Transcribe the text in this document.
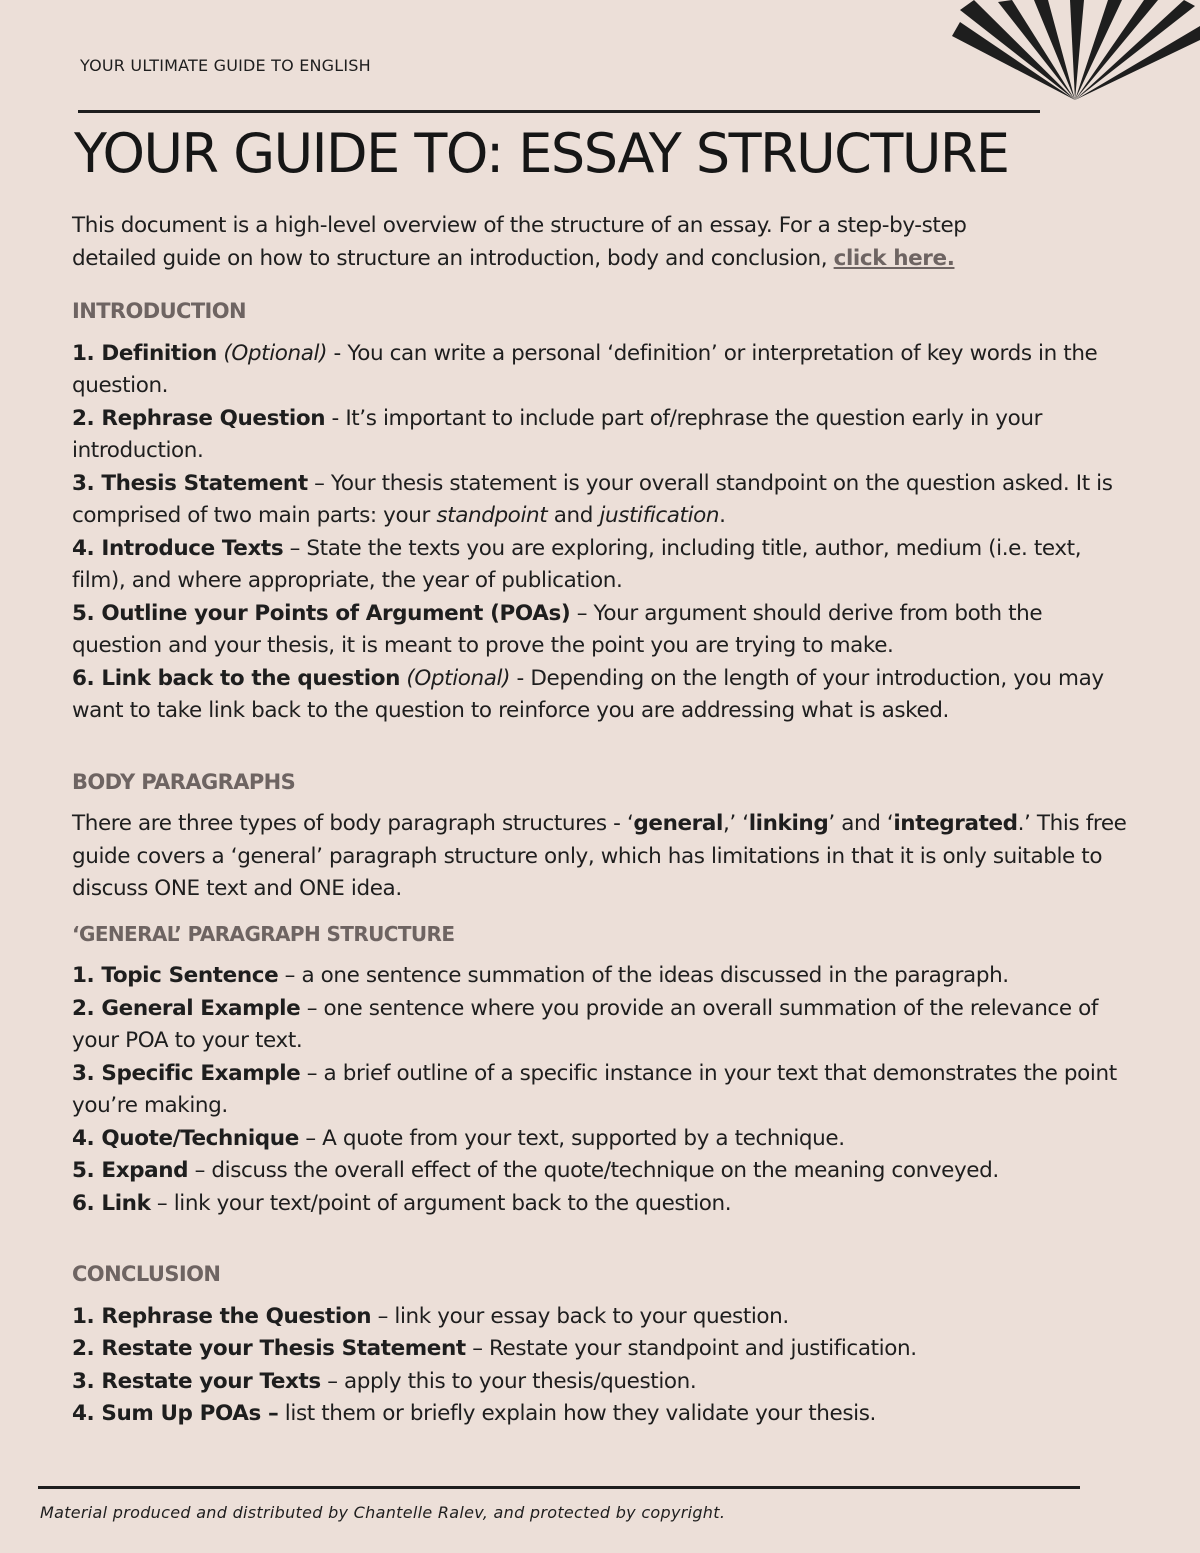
YOUR ULTIMATE GUIDE TO ENGLISH
YOUR GUIDE TO: ESSAY STRUCTURE

This document is a high-level overview of the structure of an essay. For a step-by-step
detailed guide on how to structure an introduction, body and conclusion, click here.

INTRODUCTION

1. Definition (Optional) - You can write a personal ‘definition’ or interpretation of key words in the question.

2. Rephrase Question - It’s important to include part of/rephrase the question early in your introduction.

3. Thesis Statement – Your thesis statement is your overall standpoint on the question asked. It is comprised of two main parts: your standpoint and justification.

4. Introduce Texts – State the texts you are exploring, including title, author, medium (i.e. text, film), and where appropriate, the year of publication.

5. Outline your Points of Argument (POAs) – Your argument should derive from both the question and your thesis, it is meant to prove the point you are trying to make.

6. Link back to the question (Optional) - Depending on the length of your introduction, you may want to take link back to the question to reinforce you are addressing what is asked.

BODY PARAGRAPHS

There are three types of body paragraph structures - ‘general,’ ‘linking’ and ‘integrated.’ This free guide covers a ‘general’ paragraph structure only, which has limitations in that it is only suitable to discuss ONE text and ONE idea.

‘GENERAL’ PARAGRAPH STRUCTURE

1. Topic Sentence – a one sentence summation of the ideas discussed in the paragraph.

2. General Example – one sentence where you provide an overall summation of the relevance of your POA to your text.

3. Specific Example – a brief outline of a specific instance in your text that demonstrates the point you’re making.

4. Quote/Technique – A quote from your text, supported by a technique.

5. Expand – discuss the overall effect of the quote/technique on the meaning conveyed.

6. Link – link your text/point of argument back to the question.

CONCLUSION

1. Rephrase the Question – link your essay back to your question.

2. Restate your Thesis Statement – Restate your standpoint and justification.

3. Restate your Texts – apply this to your thesis/question.

4. Sum Up POAs – list them or briefly explain how they validate your thesis.

Material produced and distributed by Chantelle Ralev, and protected by copyright.
